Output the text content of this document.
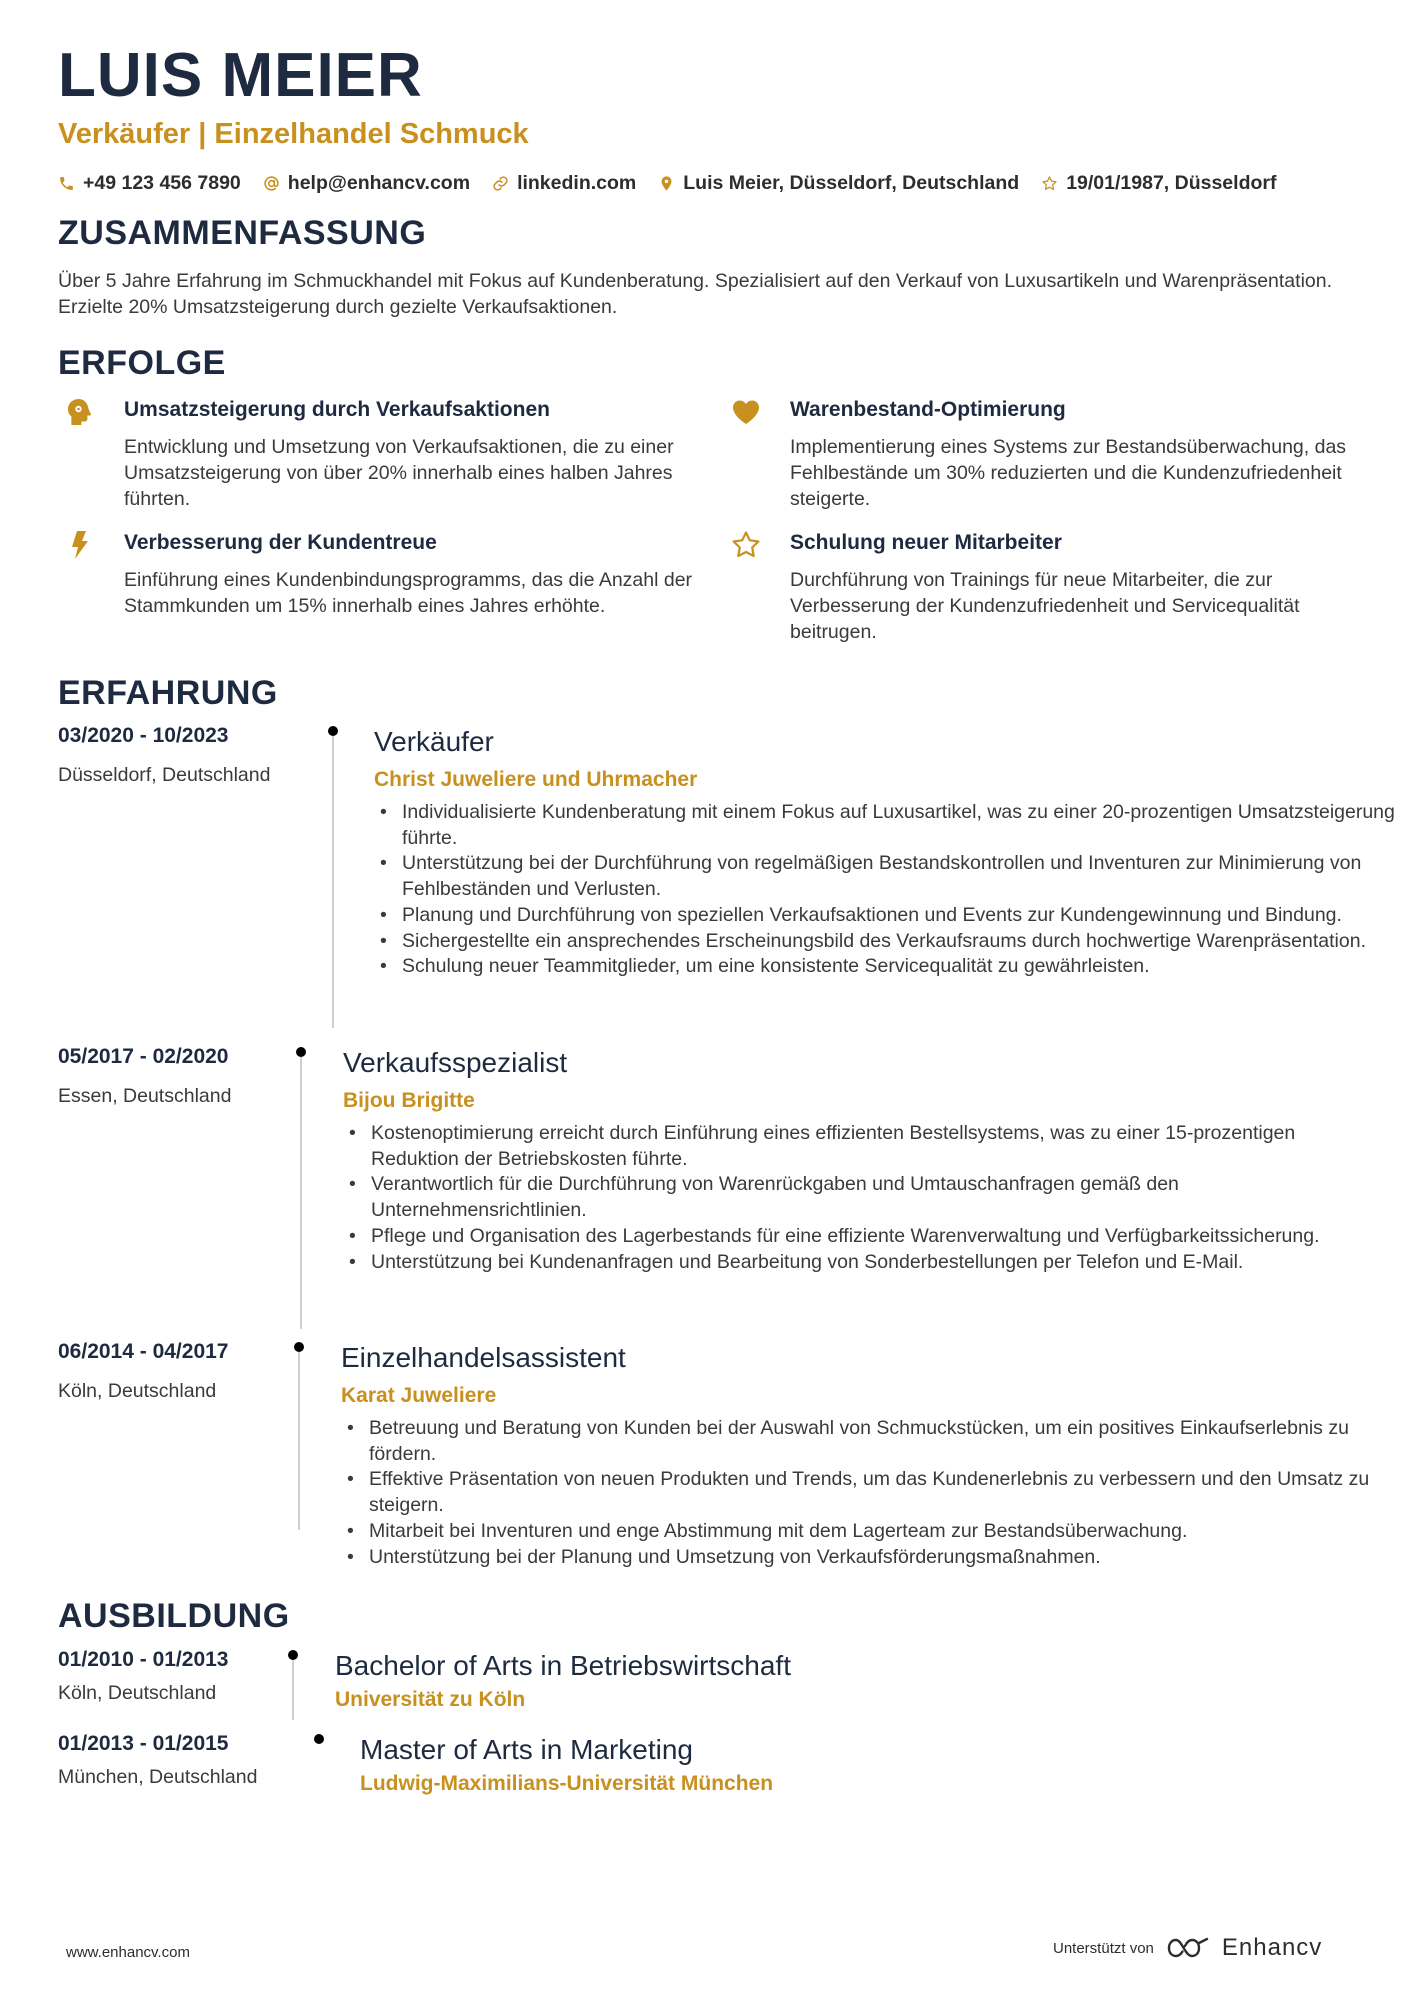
LUIS MEIER
Verkäufer | Einzelhandel Schmuck
+49 123 456 7890 help@enhancv.com linkedin.com Luis Meier, Düsseldorf, Deutschland 19/01/1987, Düsseldorf
ZUSAMMENFASSUNG
Über 5 Jahre Erfahrung im Schmuckhandel mit Fokus auf Kundenberatung. Spezialisiert auf den Verkauf von Luxusartikeln und Warenpräsentation. Erzielte 20% Umsatzsteigerung durch gezielte Verkaufsaktionen.
ERFOLGE
Umsatzsteigerung durch Verkaufsaktionen
Entwicklung und Umsetzung von Verkaufsaktionen, die zu einer Umsatzsteigerung von über 20% innerhalb eines halben Jahres führten.
Warenbestand-Optimierung
Implementierung eines Systems zur Bestandsüberwachung, das Fehlbestände um 30% reduzierten und die Kundenzufriedenheit steigerte.
Verbesserung der Kundentreue
Einführung eines Kundenbindungsprogramms, das die Anzahl der Stammkunden um 15% innerhalb eines Jahres erhöhte.
Schulung neuer Mitarbeiter
Durchführung von Trainings für neue Mitarbeiter, die zur Verbesserung der Kundenzufriedenheit und Servicequalität beitrugen.
ERFAHRUNG
03/2020 - 10/2023
Düsseldorf, Deutschland
Verkäufer
Christ Juweliere und Uhrmacher
• Individualisierte Kundenberatung mit einem Fokus auf Luxusartikel, was zu einer 20-prozentigen Umsatzsteigerung führte.
• Unterstützung bei der Durchführung von regelmäßigen Bestandskontrollen und Inventuren zur Minimierung von Fehlbeständen und Verlusten.
• Planung und Durchführung von speziellen Verkaufsaktionen und Events zur Kundengewinnung und Bindung.
• Sichergestellte ein ansprechendes Erscheinungsbild des Verkaufsraums durch hochwertige Warenpräsentation.
• Schulung neuer Teammitglieder, um eine konsistente Servicequalität zu gewährleisten.
05/2017 - 02/2020
Essen, Deutschland
Verkaufsspezialist
Bijou Brigitte
• Kostenoptimierung erreicht durch Einführung eines effizienten Bestellsystems, was zu einer 15-prozentigen Reduktion der Betriebskosten führte.
• Verantwortlich für die Durchführung von Warenrückgaben und Umtauschanfragen gemäß den Unternehmensrichtlinien.
• Pflege und Organisation des Lagerbestands für eine effiziente Warenverwaltung und Verfügbarkeitssicherung.
• Unterstützung bei Kundenanfragen und Bearbeitung von Sonderbestellungen per Telefon und E-Mail.
06/2014 - 04/2017
Köln, Deutschland
Einzelhandelsassistent
Karat Juweliere
• Betreuung und Beratung von Kunden bei der Auswahl von Schmuckstücken, um ein positives Einkaufserlebnis zu fördern.
• Effektive Präsentation von neuen Produkten und Trends, um das Kundenerlebnis zu verbessern und den Umsatz zu steigern.
• Mitarbeit bei Inventuren und enge Abstimmung mit dem Lagerteam zur Bestandsüberwachung.
• Unterstützung bei der Planung und Umsetzung von Verkaufsförderungsmaßnahmen.
AUSBILDUNG
01/2010 - 01/2013
Köln, Deutschland
Bachelor of Arts in Betriebswirtschaft
Universität zu Köln
01/2013 - 01/2015
München, Deutschland
Master of Arts in Marketing
Ludwig-Maximilians-Universität München
www.enhancv.com	Unterstützt von	Enhancv
